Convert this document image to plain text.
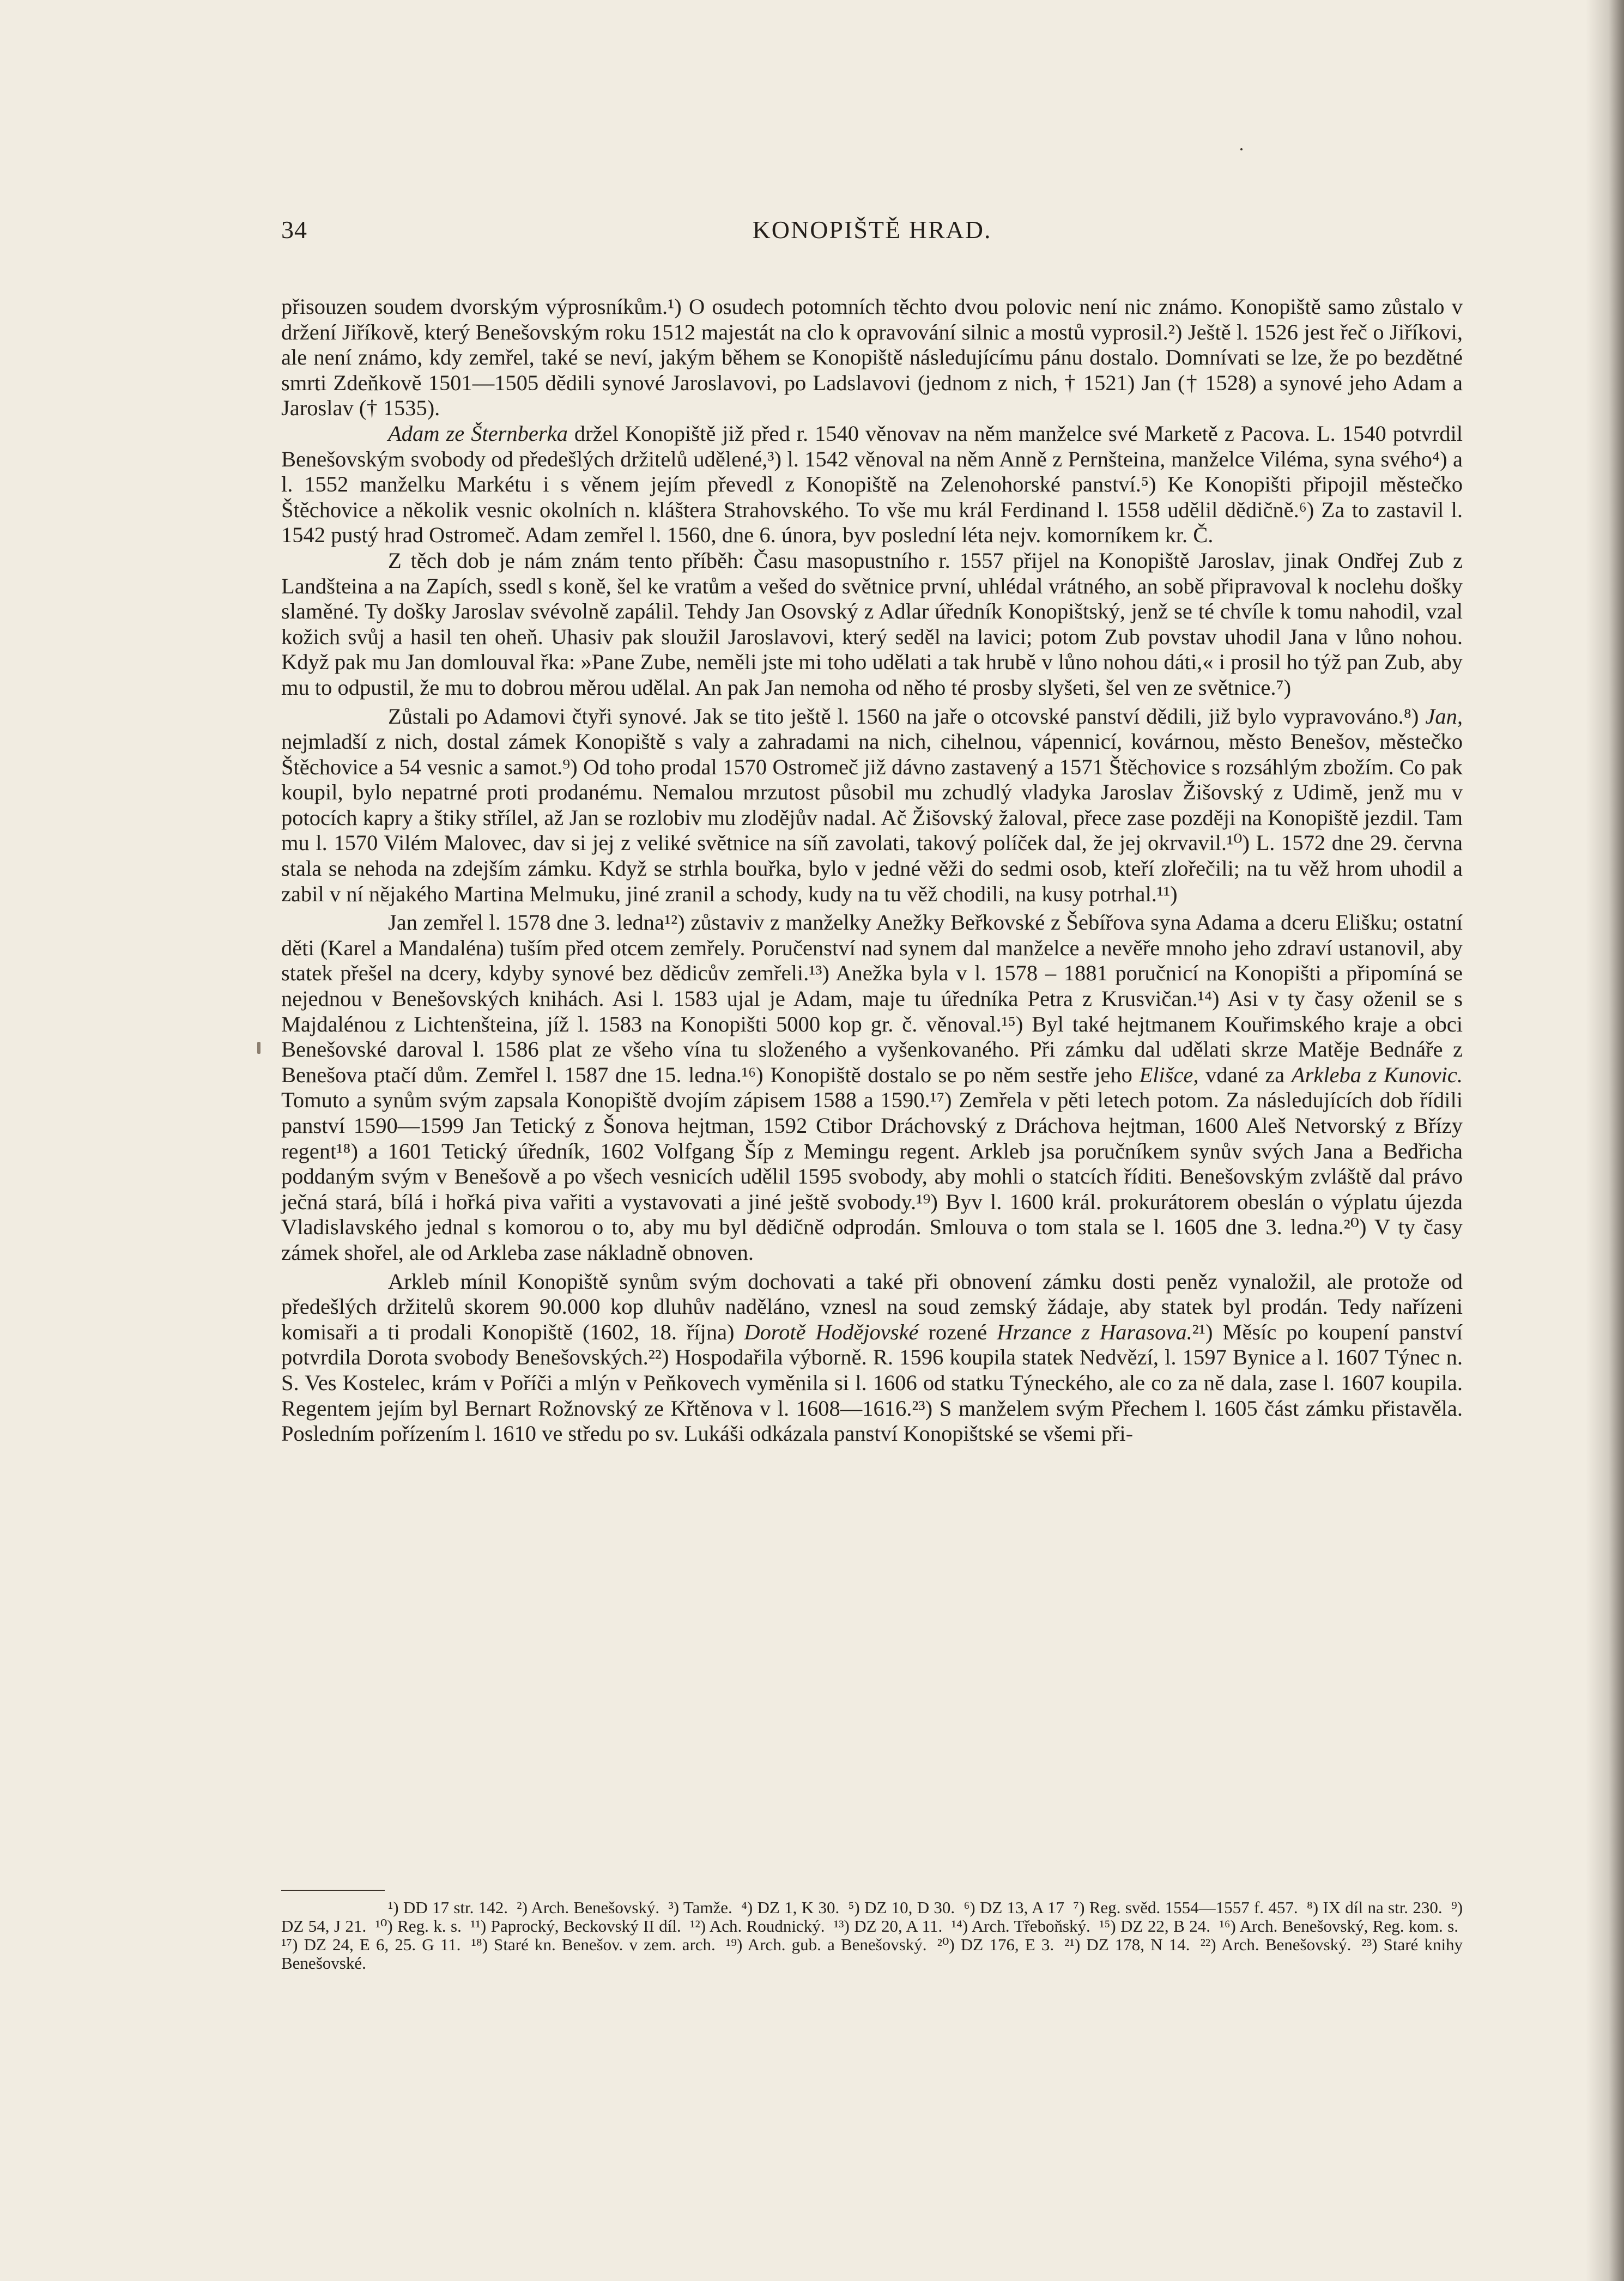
34	KONOPIŠTĚ HRAD.

přisouzen soudem dvorským výprosníkům.¹) O osudech potomních těchto dvou polovic není nic známo. Konopiště samo zůstalo v držení Jiříkově, který Benešovským roku 1512 majestát na clo k opravování silnic a mostů vyprosil.²) Ještě l. 1526 jest řeč o Jiříkovi, ale není známo, kdy zemřel, také se neví, jakým během se Konopiště následujícímu pánu dostalo. Domnívati se lze, že po bezdětné smrti Zdeňkově 1501—1505 dědili synové Jaroslavovi, po Ladslavovi (jednom z nich, † 1521) Jan († 1528) a synové jeho Adam a Jaroslav († 1535).

Adam ze Šternberka držel Konopiště již před r. 1540 věnovav na něm manželce své Marketě z Pacova. L. 1540 potvrdil Benešovským svobody od předešlých držitelů udělené,³) l. 1542 věnoval na něm Anně z Pernšteina, manželce Viléma, syna svého⁴) a l. 1552 manželku Markétu i s věnem jejím převedl z Konopiště na Zelenohorské panství.⁵) Ke Konopišti připojil městečko Štěchovice a několik vesnic okolních n. kláštera Strahovského. To vše mu král Ferdinand l. 1558 udělil dědičně.⁶) Za to zastavil l. 1542 pustý hrad Ostromeč. Adam zemřel l. 1560, dne 6. února, byv poslední léta nejv. komorníkem kr. Č.

Z těch dob je nám znám tento příběh: Času masopustního r. 1557 přijel na Konopiště Jaroslav, jinak Ondřej Zub z Landšteina a na Zapích, ssedl s koně, šel ke vratům a vešed do světnice první, uhlédal vrátného, an sobě připravoval k noclehu došky slaměné. Ty došky Jaroslav svévolně zapálil. Tehdy Jan Osovský z Adlar úředník Konopištský, jenž se té chvíle k tomu nahodil, vzal kožich svůj a hasil ten oheň. Uhasiv pak sloužil Jaroslavovi, který seděl na lavici; potom Zub povstav uhodil Jana v lůno nohou. Když pak mu Jan domlouval řka: »Pane Zube, neměli jste mi toho udělati a tak hrubě v lůno nohou dáti,« i prosil ho týž pan Zub, aby mu to odpustil, že mu to dobrou měrou udělal. An pak Jan nemoha od něho té prosby slyšeti, šel ven ze světnice.⁷)

Zůstali po Adamovi čtyři synové. Jak se tito ještě l. 1560 na jaře o otcovské panství dědili, již bylo vypravováno.⁸) Jan, nejmladší z nich, dostal zámek Konopiště s valy a zahradami na nich, cihelnou, vápennicí, kovárnou, město Benešov, městečko Štěchovice a 54 vesnic a samot.⁹) Od toho prodal 1570 Ostromeč již dávno zastavený a 1571 Štěchovice s rozsáhlým zbožím. Co pak koupil, bylo nepatrné proti prodanému. Nemalou mrzutost působil mu zchudlý vladyka Jaroslav Žišovský z Udimě, jenž mu v potocích kapry a štiky střílel, až Jan se rozlobiv mu zlodějův nadal. Ač Žišovský žaloval, přece zase později na Konopiště jezdil. Tam mu l. 1570 Vilém Malovec, dav si jej z veliké světnice na síň zavolati, takový políček dal, že jej okrvavil.¹⁰) L. 1572 dne 29. června stala se nehoda na zdejším zámku. Když se strhla bouřka, bylo v jedné věži do sedmi osob, kteří zlořečili; na tu věž hrom uhodil a zabil v ní nějakého Martina Melmuku, jiné zranil a schody, kudy na tu věž chodili, na kusy potrhal.¹¹)

Jan zemřel l. 1578 dne 3. ledna¹²) zůstaviv z manželky Anežky Beřkovské z Šebířova syna Adama a dceru Elišku; ostatní děti (Karel a Mandaléna) tuším před otcem zemřely. Poručenství nad synem dal manželce a nevěře mnoho jeho zdraví ustanovil, aby statek přešel na dcery, kdyby synové bez dědicův zemřeli.¹³) Anežka byla v l. 1578 – 1881 poručnicí na Konopišti a připomíná se nejednou v Benešovských knihách. Asi l. 1583 ujal je Adam, maje tu úředníka Petra z Krusvičan.¹⁴) Asi v ty časy oženil se s Majdalénou z Lichtenšteina, jíž l. 1583 na Konopišti 5000 kop gr. č. věnoval.¹⁵) Byl také hejtmanem Kouřimského kraje a obci Benešovské daroval l. 1586 plat ze všeho vína tu složeného a vyšenkovaného. Při zámku dal udělati skrze Matěje Bednáře z Benešova ptačí dům. Zemřel l. 1587 dne 15. ledna.¹⁶) Konopiště dostalo se po něm sestře jeho Elišce, vdané za Arkleba z Kunovic. Tomuto a synům svým zapsala Konopiště dvojím zápisem 1588 a 1590.¹⁷) Zemřela v pěti letech potom. Za následujících dob řídili panství 1590—1599 Jan Tetický z Šonova hejtman, 1592 Ctibor Dráchovský z Dráchova hejtman, 1600 Aleš Netvorský z Břízy regent¹⁸) a 1601 Tetický úředník, 1602 Volfgang Šíp z Memingu regent. Arkleb jsa poručníkem synův svých Jana a Bedřicha poddaným svým v Benešově a po všech vesnicích udělil 1595 svobody, aby mohli o statcích říditi. Benešovským zvláště dal právo ječná stará, bílá i hořká piva vařiti a vystavovati a jiné ještě svobody.¹⁹) Byv l. 1600 král. prokurátorem obeslán o výplatu újezda Vladislavského jednal s komorou o to, aby mu byl dědičně odprodán. Smlouva o tom stala se l. 1605 dne 3. ledna.²⁰) V ty časy zámek shořel, ale od Arkleba zase nákladně obnoven.

Arkleb mínil Konopiště synům svým dochovati a také při obnovení zámku dosti peněz vynaložil, ale protože od předešlých držitelů skorem 90.000 kop dluhův naděláno, vznesl na soud zemský žádaje, aby statek byl prodán. Tedy nařízeni komisaři a ti prodali Konopiště (1602, 18. října) Dorotě Hodějovské rozené Hrzance z Harasova.²¹) Měsíc po koupení panství potvrdila Dorota svobody Benešovských.²²) Hospodařila výborně. R. 1596 koupila statek Nedvězí, l. 1597 Bynice a l. 1607 Týnec n. S. Ves Kostelec, krám v Poříči a mlýn v Peňkovech vyměnila si l. 1606 od statku Týneckého, ale co za ně dala, zase l. 1607 koupila. Regentem jejím byl Bernart Rožnovský ze Křtěnova v l. 1608—1616.²³) S manželem svým Přechem l. 1605 část zámku přistavěla. Posledním pořízením l. 1610 ve středu po sv. Lukáši odkázala panství Konopištské se všemi při-

¹) DD 17 str. 142. ²) Arch. Benešovský. ³) Tamže. ⁴) DZ 1, K 30. ⁵) DZ 10, D 30. ⁶) DZ 13, A 17 ⁷) Reg. svěd. 1554—1557 f. 457. ⁸) IX díl na str. 230. ⁹) DZ 54, J 21. ¹⁰) Reg. k. s. ¹¹) Paprocký, Beckovský II díl. ¹²) Ach. Roudnický. ¹³) DZ 20, A 11. ¹⁴) Arch. Třeboňský. ¹⁵) DZ 22, B 24. ¹⁶) Arch. Benešovský, Reg. kom. s. ¹⁷) DZ 24, E 6, 25. G 11. ¹⁸) Staré kn. Benešov. v zem. arch. ¹⁹) Arch. gub. a Benešovský. ²⁰) DZ 176, E 3. ²¹) DZ 178, N 14. ²²) Arch. Benešovský. ²³) Staré knihy Benešovské.
